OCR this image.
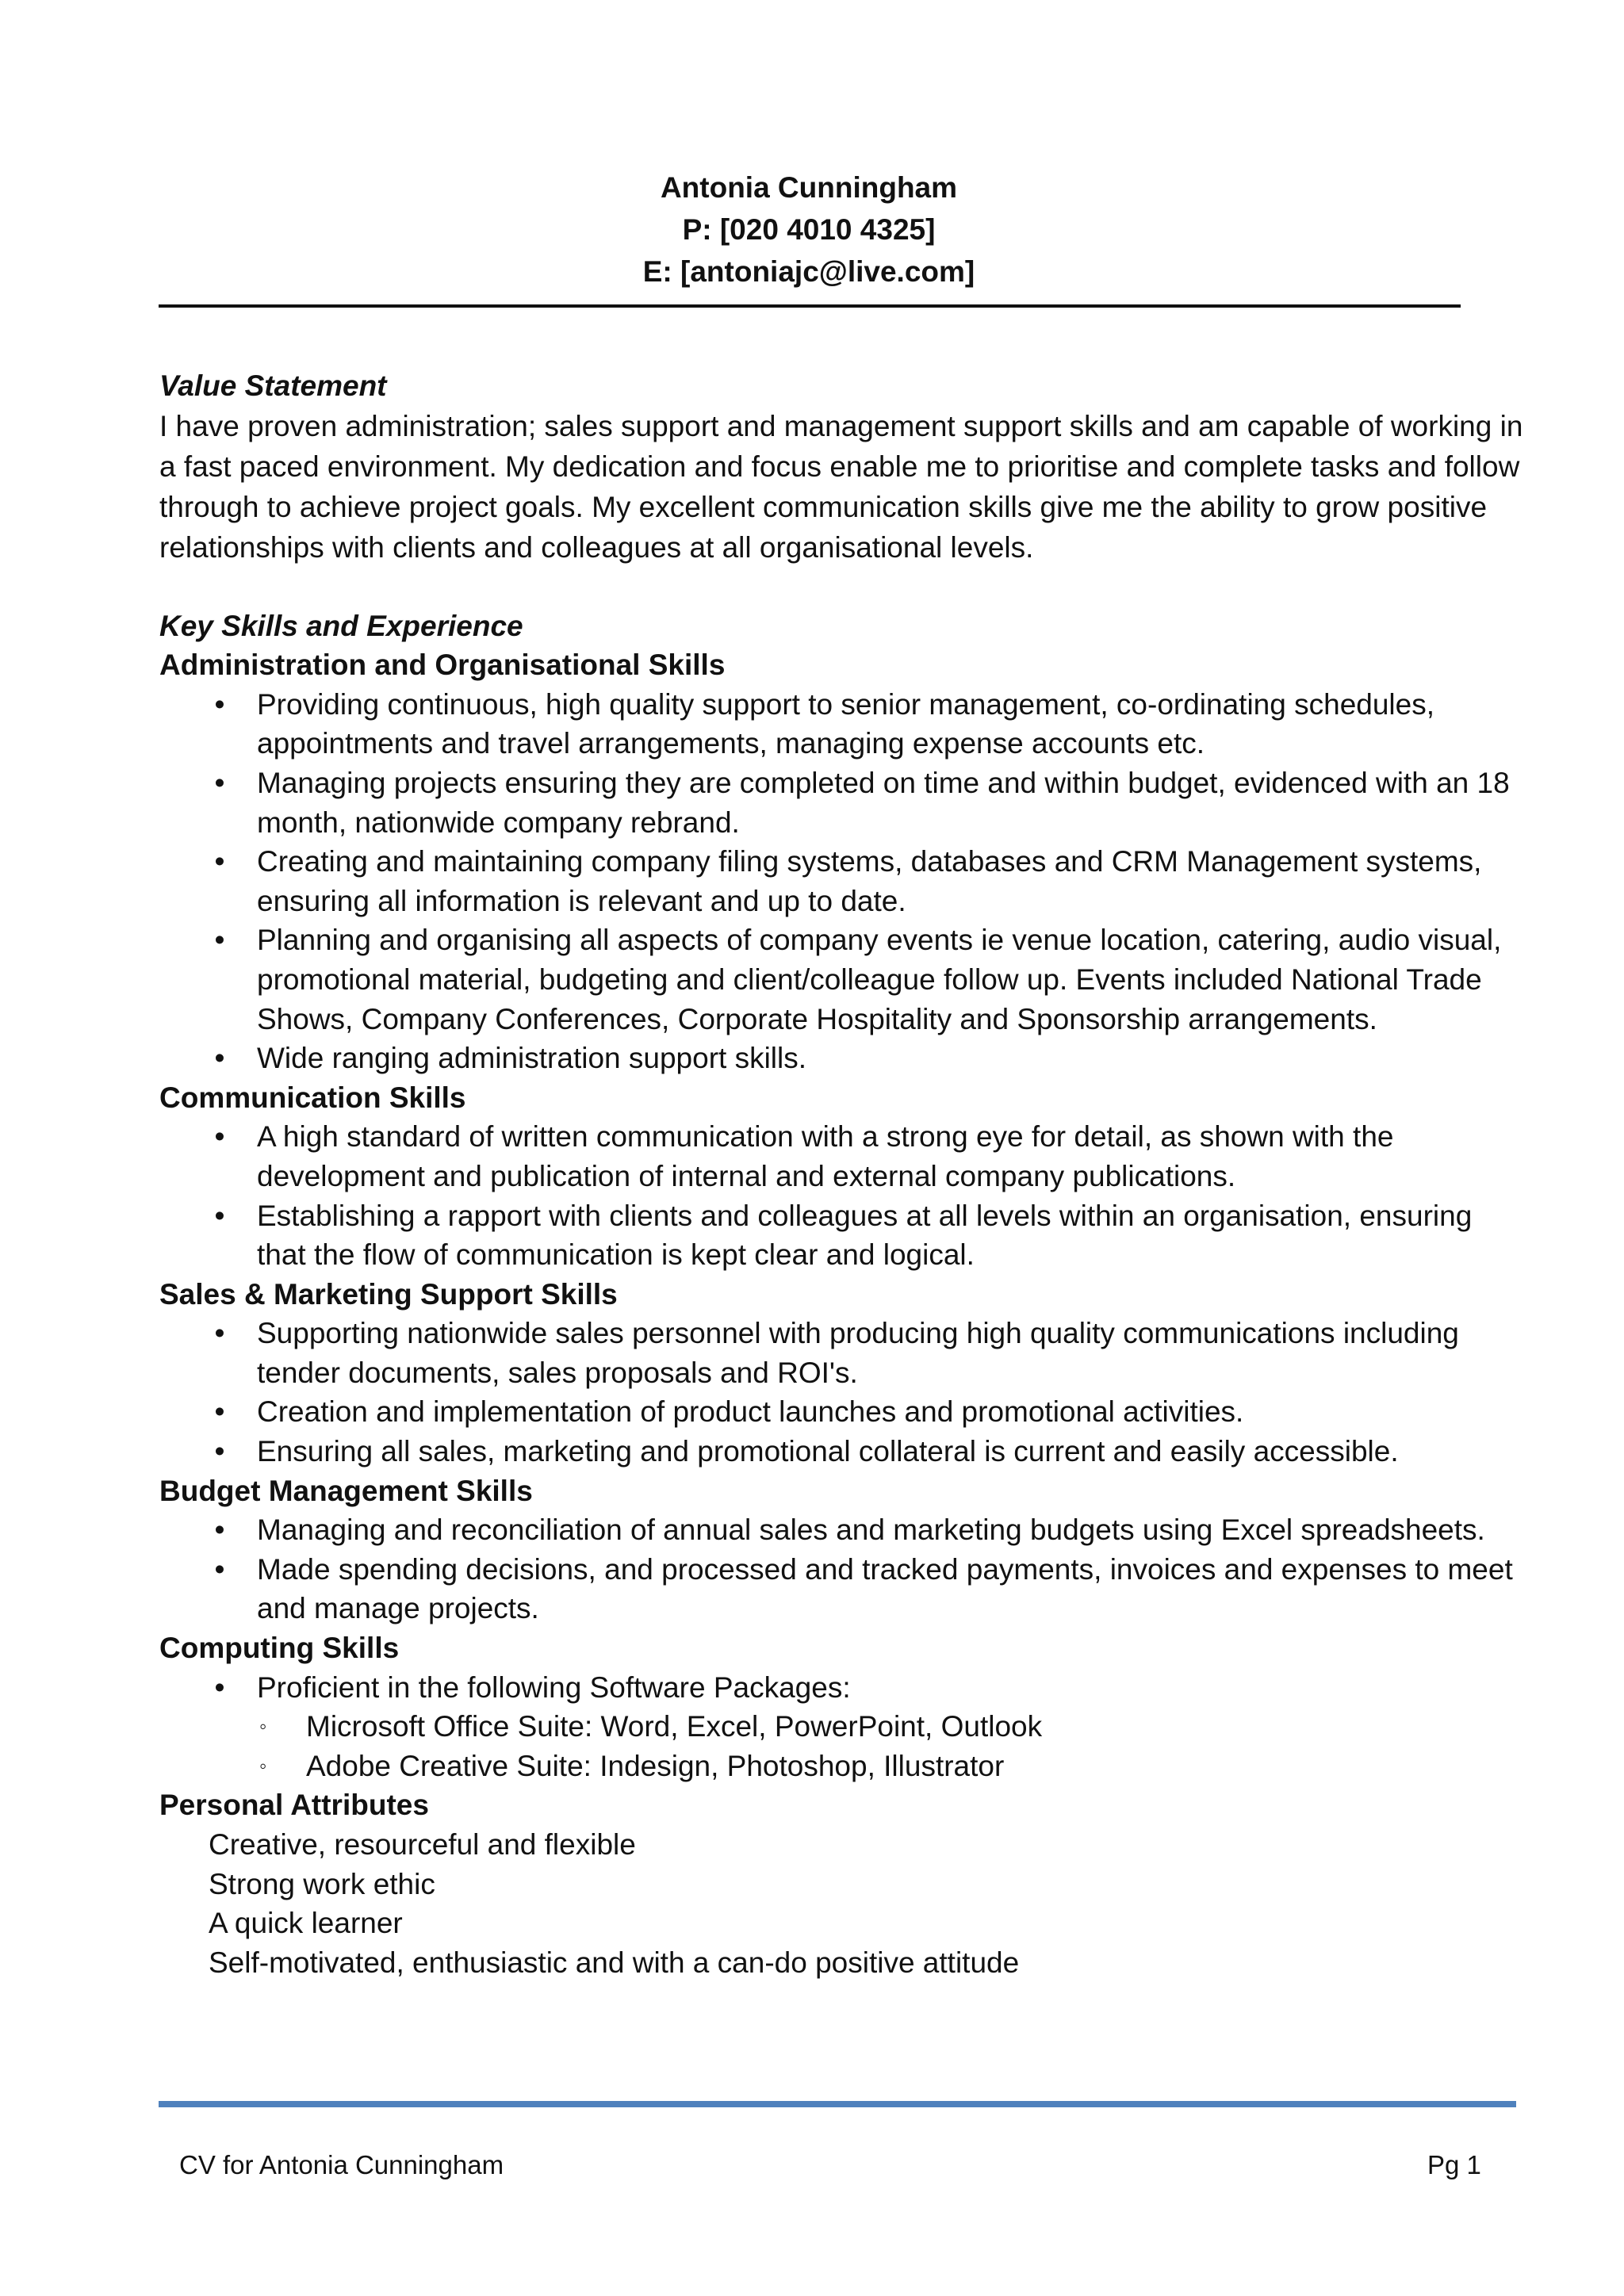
Antonia Cunningham
P: [020 4010 4325]
E: [antoniajc@live.com]
Value Statement

I have proven administration; sales support and management support skills and am capable of working in a fast paced environment. My dedication and focus enable me to prioritise and complete tasks and follow through to achieve project goals. My excellent communication skills give me the ability to grow positive relationships with clients and colleagues at all organisational levels.

Key Skills and Experience
Administration and Organisational Skills
• Providing continuous, high quality support to senior management, co-ordinating schedules, appointments and travel arrangements, managing expense accounts etc.
• Managing projects ensuring they are completed on time and within budget, evidenced with an 18 month, nationwide company rebrand.
• Creating and maintaining company filing systems, databases and CRM Management systems, ensuring all information is relevant and up to date.
• Planning and organising all aspects of company events ie venue location, catering, audio visual, promotional material, budgeting and client/colleague follow up. Events included National Trade Shows, Company Conferences, Corporate Hospitality and Sponsorship arrangements.
• Wide ranging administration support skills.
Communication Skills
• A high standard of written communication with a strong eye for detail, as shown with the development and publication of internal and external company publications.
• Establishing a rapport with clients and colleagues at all levels within an organisation, ensuring that the flow of communication is kept clear and logical.
Sales & Marketing Support Skills
• Supporting nationwide sales personnel with producing high quality communications including tender documents, sales proposals and ROI's.
• Creation and implementation of product launches and promotional activities.
• Ensuring all sales, marketing and promotional collateral is current and easily accessible.
Budget Management Skills
• Managing and reconciliation of annual sales and marketing budgets using Excel spreadsheets.
• Made spending decisions, and processed and tracked payments, invoices and expenses to meet and manage projects.
Computing Skills
• Proficient in the following Software Packages:
◦ Microsoft Office Suite: Word, Excel, PowerPoint, Outlook
◦ Adobe Creative Suite: Indesign, Photoshop, Illustrator
Personal Attributes
Creative, resourceful and flexible
Strong work ethic
A quick learner
Self-motivated, enthusiastic and with a can-do positive attitude
CV for Antonia Cunningham	Pg 1
